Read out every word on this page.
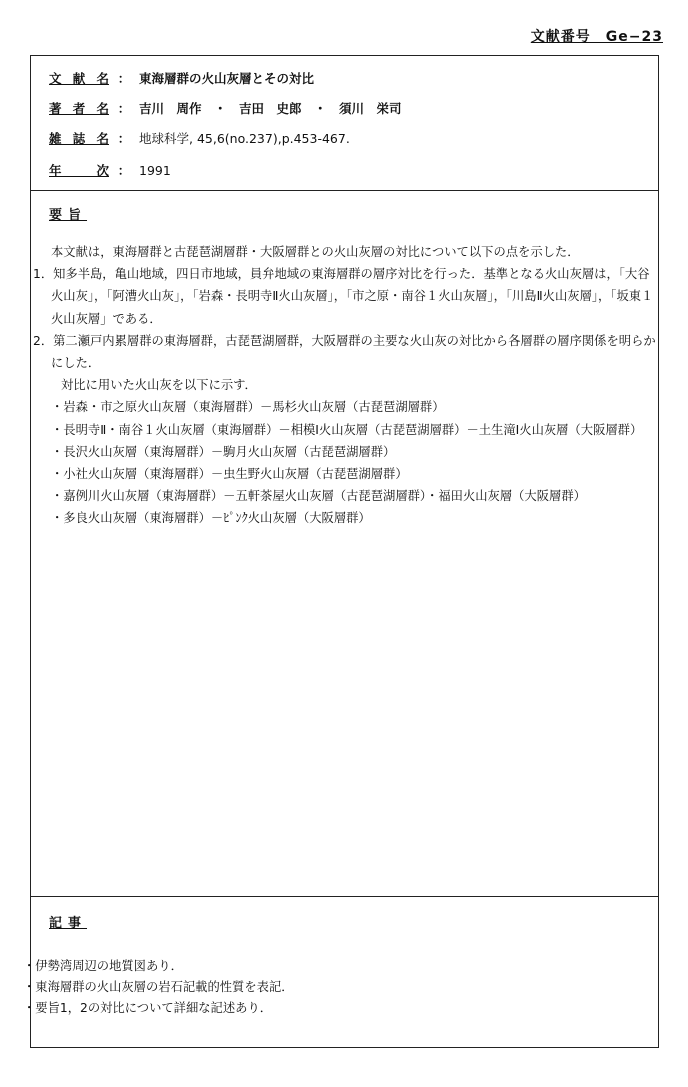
文献番号　Ge−23
文献名 ： 東海層群の火山灰層とその対比
著者名 ： 吉川　周作　・　吉田　史郎　・　須川　栄司
雑誌名 ： 地球科学, 45,6(no.237),p.453-467.
年次 ： 1991
要旨

本文献は，東海層群と古琵琶湖層群・大阪層群との火山灰層の対比について以下の点を示した．

1．知多半島，亀山地域，四日市地域，員弁地域の東海層群の層序対比を行った．基準となる火山灰層は，「大谷火山灰」，「阿漕火山灰」，「岩森・長明寺Ⅱ火山灰層」，「市之原・南谷１火山灰層」，「川島Ⅱ火山灰層」，「坂東１火山灰層」である．

2．第二瀬戸内累層群の東海層群，古琵琶湖層群，大阪層群の主要な火山灰の対比から各層群の層序関係を明らかにした．

対比に用いた火山灰を以下に示す．

・岩森・市之原火山灰層（東海層群）－馬杉火山灰層（古琵琶湖層群）

・長明寺Ⅱ・南谷１火山灰層（東海層群）－相模Ⅰ火山灰層（古琵琶湖層群）－土生滝Ⅰ火山灰層（大阪層群）

・長沢火山灰層（東海層群）－駒月火山灰層（古琵琶湖層群）

・小社火山灰層（東海層群）－虫生野火山灰層（古琵琶湖層群）

・嘉例川火山灰層（東海層群）－五軒茶屋火山灰層（古琵琶湖層群）・福田火山灰層（大阪層群）

・多良火山灰層（東海層群）－ﾋﾟﾝｸ火山灰層（大阪層群）

記事

・伊勢湾周辺の地質図あり．

・東海層群の火山灰層の岩石記載的性質を表記．

・要旨1，2の対比について詳細な記述あり．
